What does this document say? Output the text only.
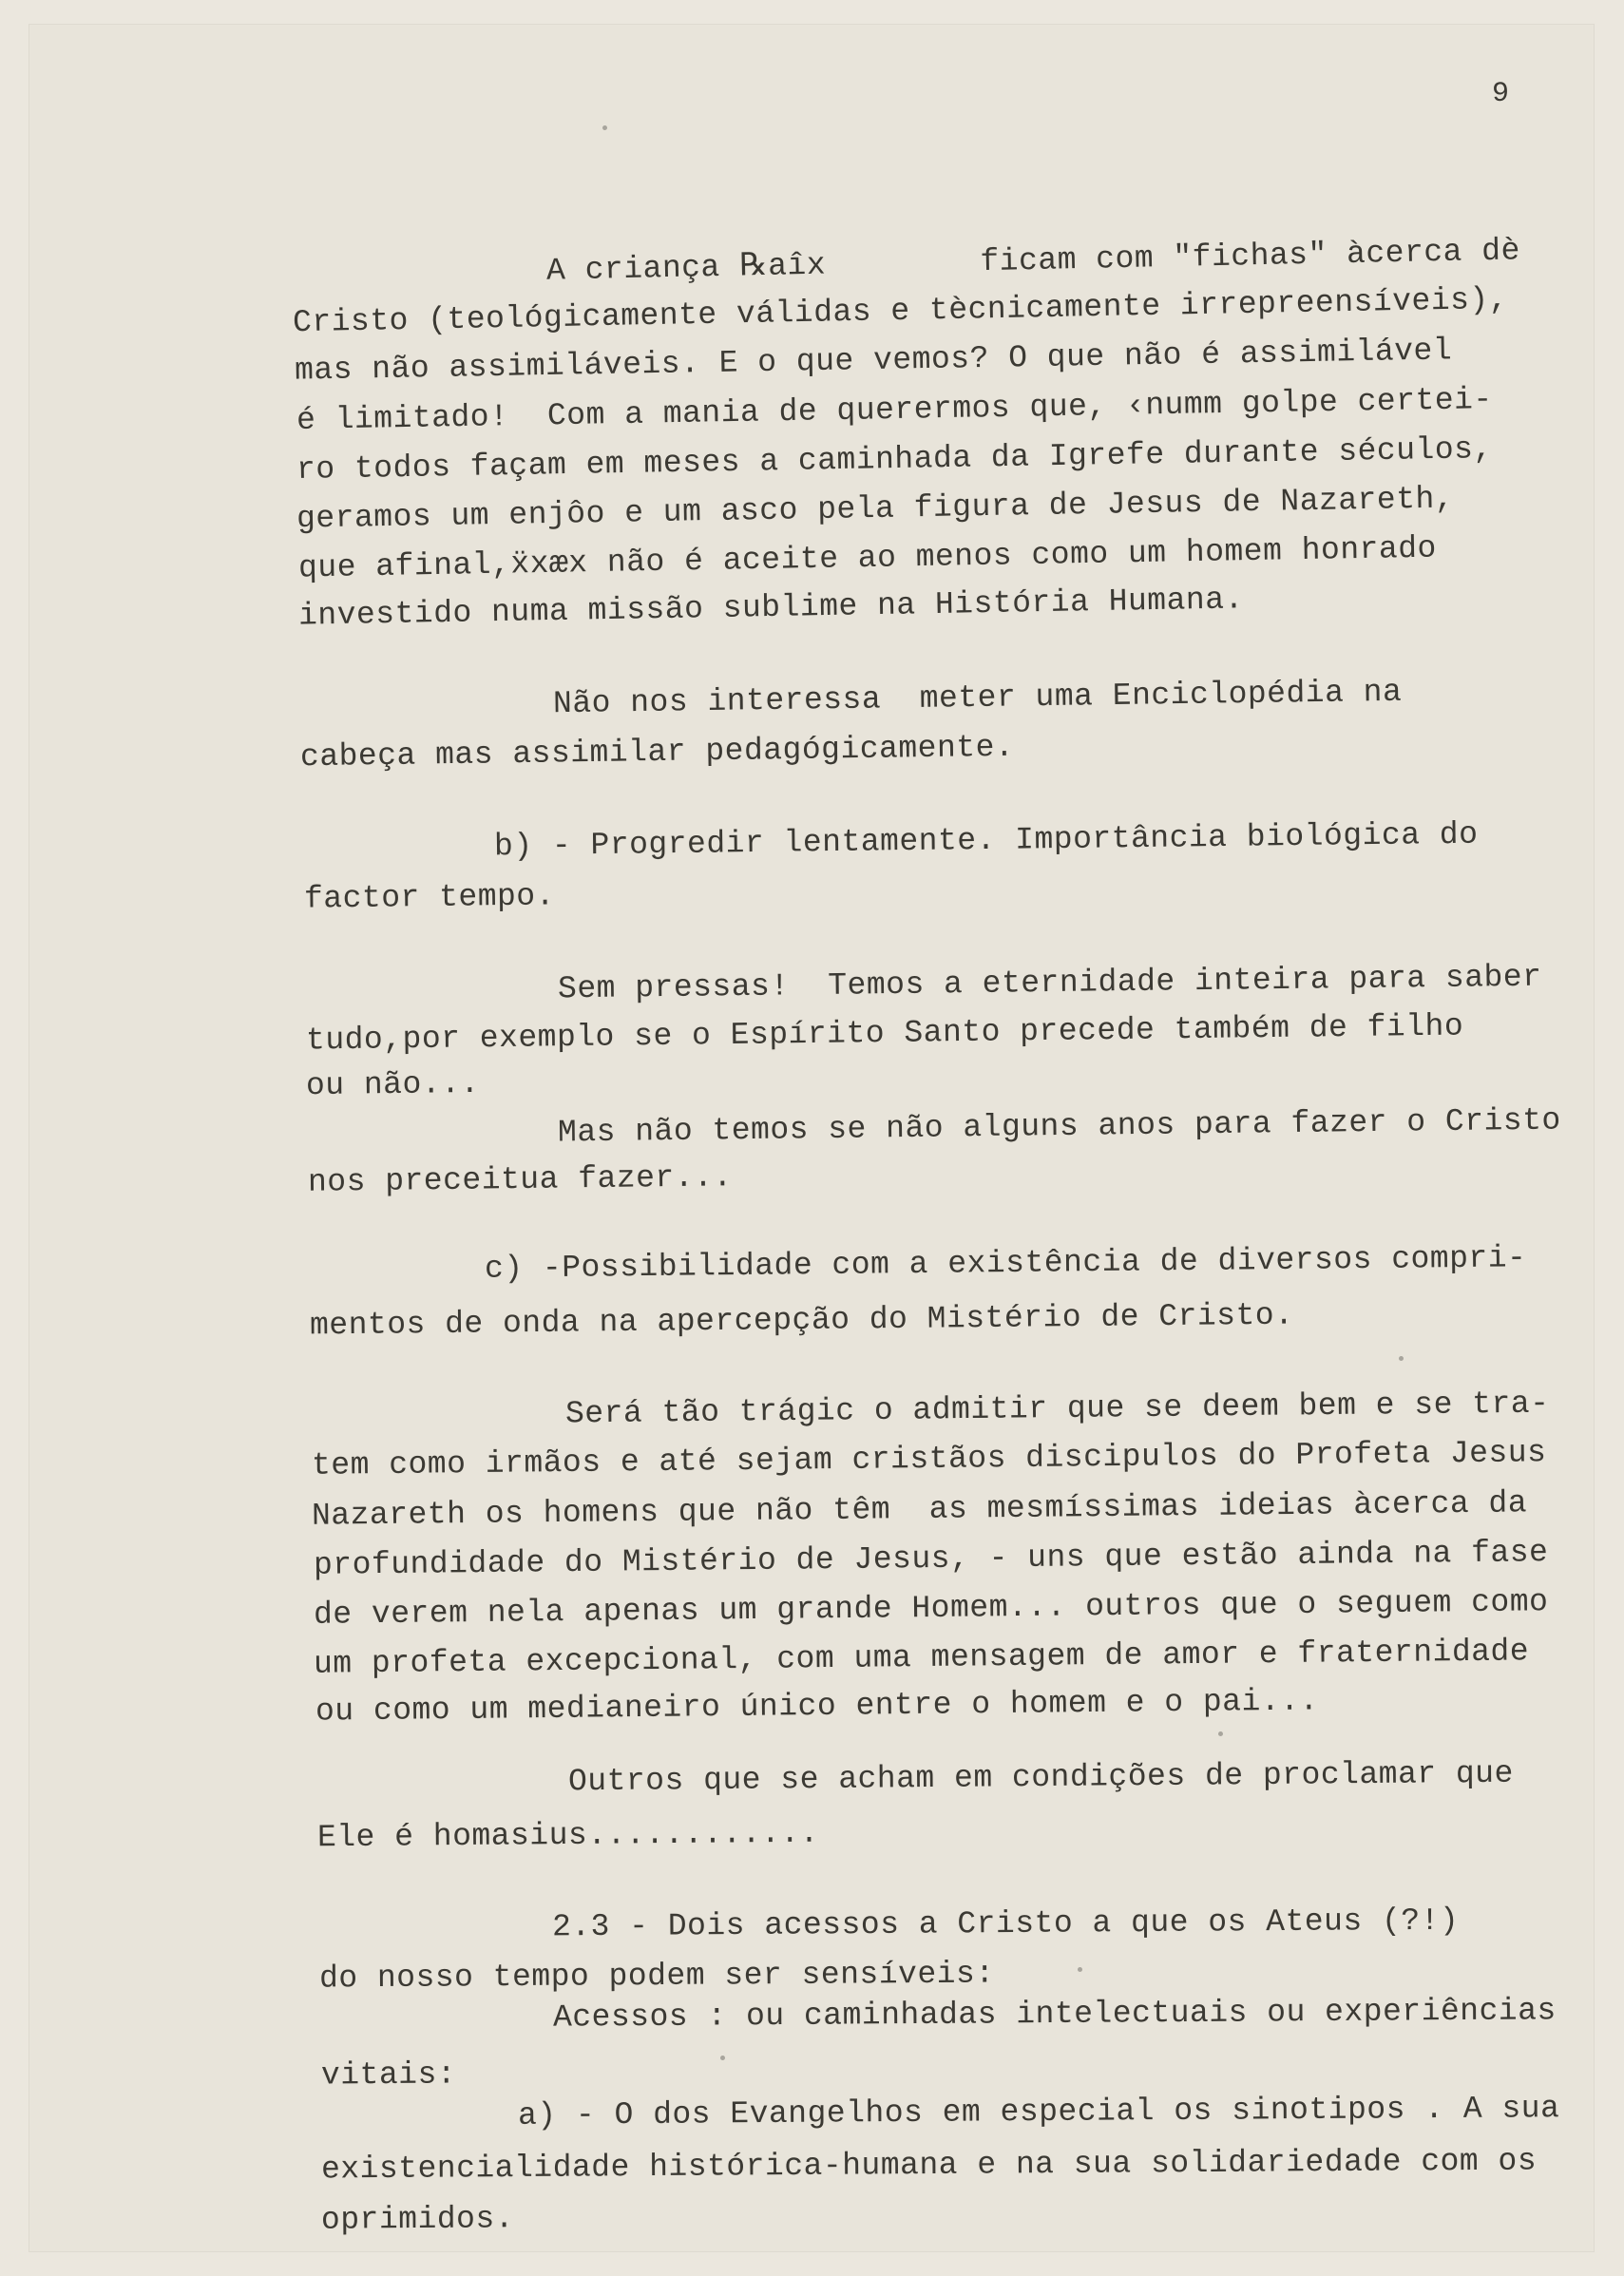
9
A criança ℞aîx        ficam com "fichas" àcerca dè
Cristo (teológicamente válidas e tècnicamente irrepreensíveis),
mas não assimiláveis. E o que vemos? O que não é assimilável
é limitado!  Com a mania de querermos que, ‹numm golpe certei-
ro todos façam em meses a caminhada da Igrefe durante séculos,
geramos um enjôo e um asco pela figura de Jesus de Nazareth,
que afinal,ẍxæx não é aceite ao menos como um homem honrado
investido numa missão sublime na História Humana.
Não nos interessa  meter uma Enciclopédia na
cabeça mas assimilar pedagógicamente.
b) - Progredir lentamente. Importância biológica do
factor tempo.
Sem pressas!  Temos a eternidade inteira para saber
tudo,por exemplo se o Espírito Santo precede também de filho
ou não...
Mas não temos se não alguns anos para fazer o Cristo
nos preceitua fazer...
c) -Possibilidade com a existência de diversos compri-
mentos de onda na apercepção do Mistério de Cristo.
Será tão trágic o admitir que se deem bem e se tra-
tem como irmãos e até sejam cristãos discipulos do Profeta Jesus
Nazareth os homens que não têm  as mesmíssimas ideias àcerca da
profundidade do Mistério de Jesus, - uns que estão ainda na fase
de verem nela apenas um grande Homem... outros que o seguem como
um profeta excepcional, com uma mensagem de amor e fraternidade
ou como um medianeiro único entre o homem e o pai...
Outros que se acham em condições de proclamar que
Ele é homasius............
2.3 - Dois acessos a Cristo a que os Ateus (?!)
do nosso tempo podem ser sensíveis:
Acessos : ou caminhadas intelectuais ou experiências
vitais:
a) - O dos Evangelhos em especial os sinotipos . A sua
existencialidade histórica-humana e na sua solidariedade com os
oprimidos.
